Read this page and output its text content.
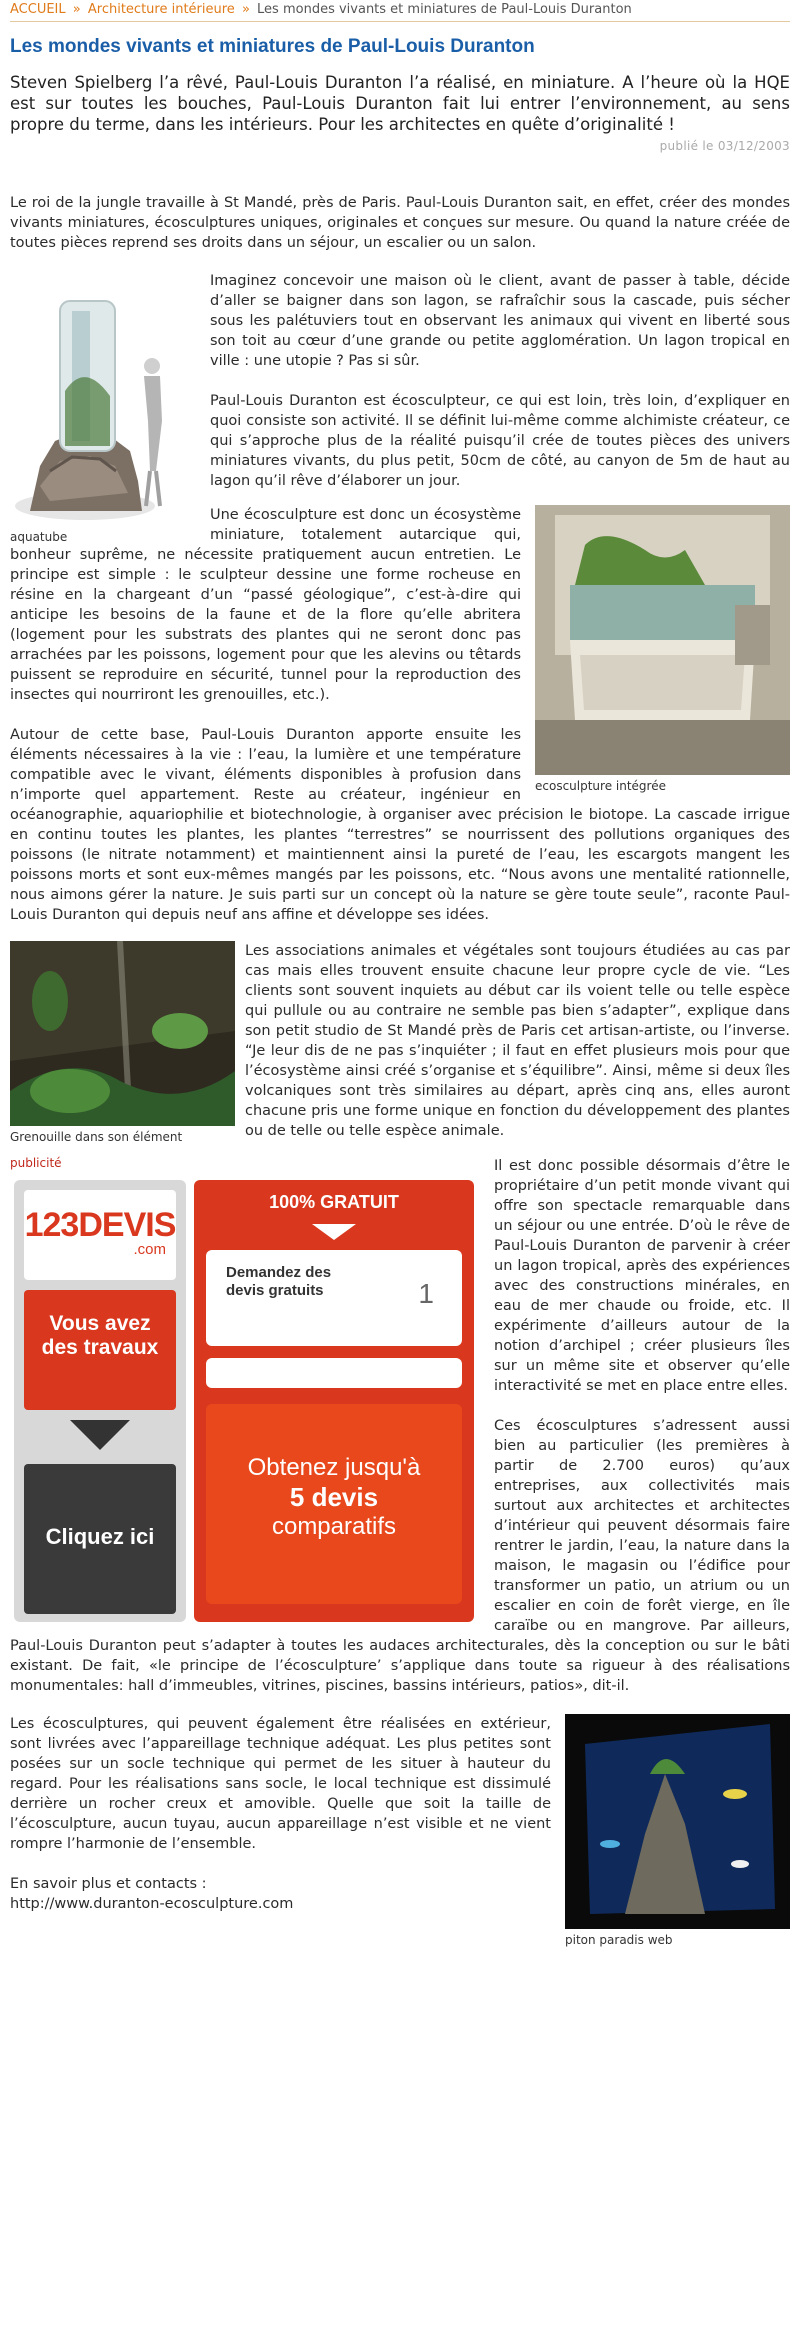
ACCUEIL » Architecture intérieure » Les mondes vivants et miniatures de Paul-Louis Duranton
Les mondes vivants et miniatures de Paul-Louis Duranton
Steven Spielberg l’a rêvé, Paul-Louis Duranton l’a réalisé, en miniature. A l’heure où la HQE est sur toutes les bouches, Paul-Louis Duranton fait lui entrer l’environnement, au sens propre du terme, dans les intérieurs. Pour les architectes en quête d’originalité !
publié le 03/12/2003

Le roi de la jungle travaille à St Mandé, près de Paris. Paul-Louis Duranton sait, en effet, créer des mondes vivants miniatures, écosculptures uniques, originales et conçues sur mesure. Ou quand la nature créée de toutes pièces reprend ses droits dans un séjour, un escalier ou un salon.

aquatube

Imaginez concevoir une maison où le client, avant de passer à table, décide d’aller se baigner dans son lagon, se rafraîchir sous la cascade, puis sécher sous les palétuviers tout en observant les animaux qui vivent en liberté sous son toit au cœur d’une grande ou petite agglomération. Un lagon tropical en ville : une utopie ? Pas si sûr.

Paul-Louis Duranton est écosculpteur, ce qui est loin, très loin, d’expliquer en quoi consiste son activité. Il se définit lui-même comme alchimiste créateur, ce qui s’approche plus de la réalité puisqu’il crée de toutes pièces des univers miniatures vivants, du plus petit, 50cm de côté, au canyon de 5m de haut au lagon qu’il rêve d’élaborer un jour.

ecosculpture intégrée

Une écosculpture est donc un écosystème miniature, totalement autarcique qui, bonheur suprême, ne nécessite pratiquement aucun entretien. Le principe est simple : le sculpteur dessine une forme rocheuse en résine en la chargeant d’un “passé géologique”, c’est-à-dire qui anticipe les besoins de la faune et de la flore qu’elle abritera (logement pour les substrats des plantes qui ne seront donc pas arrachées par les poissons, logement pour que les alevins ou têtards puissent se reproduire en sécurité, tunnel pour la reproduction des insectes qui nourriront les grenouilles, etc.).

Autour de cette base, Paul-Louis Duranton apporte ensuite les éléments nécessaires à la vie : l’eau, la lumière et une température compatible avec le vivant, éléments disponibles à profusion dans n’importe quel appartement. Reste au créateur, ingénieur en océanographie, aquariophilie et biotechnologie, à organiser avec précision le biotope. La cascade irrigue en continu toutes les plantes, les plantes “terrestres” se nourrissent des pollutions organiques des poissons (le nitrate notamment) et maintiennent ainsi la pureté de l’eau, les escargots mangent les poissons morts et sont eux-mêmes mangés par les poissons, etc. “Nous avons une mentalité rationnelle, nous aimons gérer la nature. Je suis parti sur un concept où la nature se gère toute seule”, raconte Paul-Louis Duranton qui depuis neuf ans affine et développe ses idées.

Grenouille dans son élément

Les associations animales et végétales sont toujours étudiées au cas par cas mais elles trouvent ensuite chacune leur propre cycle de vie. “Les clients sont souvent inquiets au début car ils voient telle ou telle espèce qui pullule ou au contraire ne semble pas bien s’adapter”, explique dans son petit studio de St Mandé près de Paris cet artisan-artiste, ou l’inverse. “Je leur dis de ne pas s’inquiéter ; il faut en effet plusieurs mois pour que l’écosystème ainsi créé s’organise et s’équilibre”. Ainsi, même si deux îles volcaniques sont très similaires au départ, après cinq ans, elles auront chacune pris une forme unique en fonction du développement des plantes ou de telle ou telle espèce animale.

publicité
123DEVIS
.com
Vous avez des travaux
Cliquez ici
100% GRATUIT
Demandez des devis gratuits	1
Obtenez jusqu'à
5 devis
comparatifs

Il est donc possible désormais d’être le propriétaire d’un petit monde vivant qui offre son spectacle remarquable dans un séjour ou une entrée. D’où le rêve de Paul-Louis Duranton de parvenir à créer un lagon tropical, après des expériences avec des constructions minérales, en eau de mer chaude ou froide, etc. Il expérimente d’ailleurs autour de la notion d’archipel ; créer plusieurs îles sur un même site et observer qu’elle interactivité se met en place entre elles.

Ces écosculptures s’adressent aussi bien au particulier (les premières à partir de 2.700 euros) qu’aux entreprises, aux collectivités mais surtout aux architectes et architectes d’intérieur qui peuvent désormais faire rentrer le jardin, l’eau, la nature dans la maison, le magasin ou l’édifice pour transformer un patio, un atrium ou un escalier en coin de forêt vierge, en île caraïbe ou en mangrove. Par ailleurs, Paul-Louis Duranton peut s’adapter à toutes les audaces architecturales, dès la conception ou sur le bâti existant. De fait, «le principe de l’écosculpture’ s’applique dans toute sa rigueur à des réalisations monumentales: hall d’immeubles, vitrines, piscines, bassins intérieurs, patios», dit-il.

piton paradis web

Les écosculptures, qui peuvent également être réalisées en extérieur, sont livrées avec l’appareillage technique adéquat. Les plus petites sont posées sur un socle technique qui permet de les situer à hauteur du regard. Pour les réalisations sans socle, le local technique est dissimulé derrière un rocher creux et amovible. Quelle que soit la taille de l’écosculpture, aucun tuyau, aucun appareillage n’est visible et ne vient rompre l’harmonie de l’ensemble.

En savoir plus et contacts :

http://www.duranton-ecosculpture.com
